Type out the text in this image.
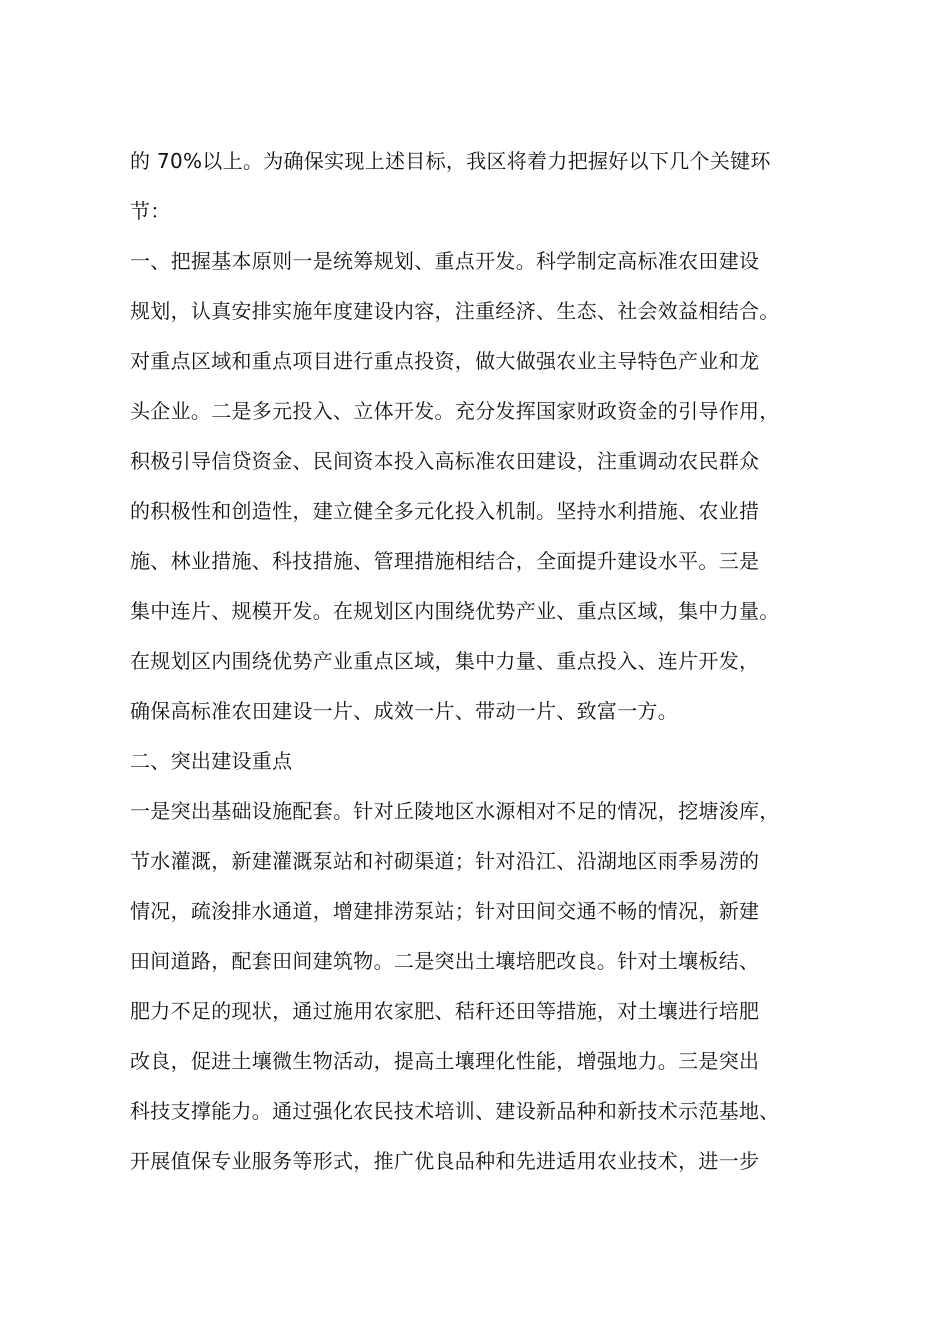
的 70%以上。为确保实现上述目标，我区将着力把握好以下几个关键环
节：
一、把握基本原则一是统筹规划、重点开发。科学制定高标准农田建设
规划，认真安排实施年度建设内容，注重经济、生态、社会效益相结合。
对重点区域和重点项目进行重点投资，做大做强农业主导特色产业和龙
头企业。二是多元投入、立体开发。充分发挥国家财政资金的引导作用，
积极引导信贷资金、民间资本投入高标准农田建设，注重调动农民群众
的积极性和创造性，建立健全多元化投入机制。坚持水利措施、农业措
施、林业措施、科技措施、管理措施相结合，全面提升建设水平。三是
集中连片、规模开发。在规划区内围绕优势产业、重点区域，集中力量。
在规划区内围绕优势产业重点区域，集中力量、重点投入、连片开发，
确保高标准农田建设一片、成效一片、带动一片、致富一方。
二、突出建设重点
一是突出基础设施配套。针对丘陵地区水源相对不足的情况，挖塘浚库，
节水灌溉，新建灌溉泵站和衬砌渠道；针对沿江、沿湖地区雨季易涝的
情况，疏浚排水通道，增建排涝泵站；针对田间交通不畅的情况，新建
田间道路，配套田间建筑物。二是突出土壤培肥改良。针对土壤板结、
肥力不足的现状，通过施用农家肥、秸秆还田等措施，对土壤进行培肥
改良，促进土壤微生物活动，提高土壤理化性能，增强地力。三是突出
科技支撑能力。通过强化农民技术培训、建设新品种和新技术示范基地、
开展值保专业服务等形式，推广优良品种和先进适用农业技术，进一步
